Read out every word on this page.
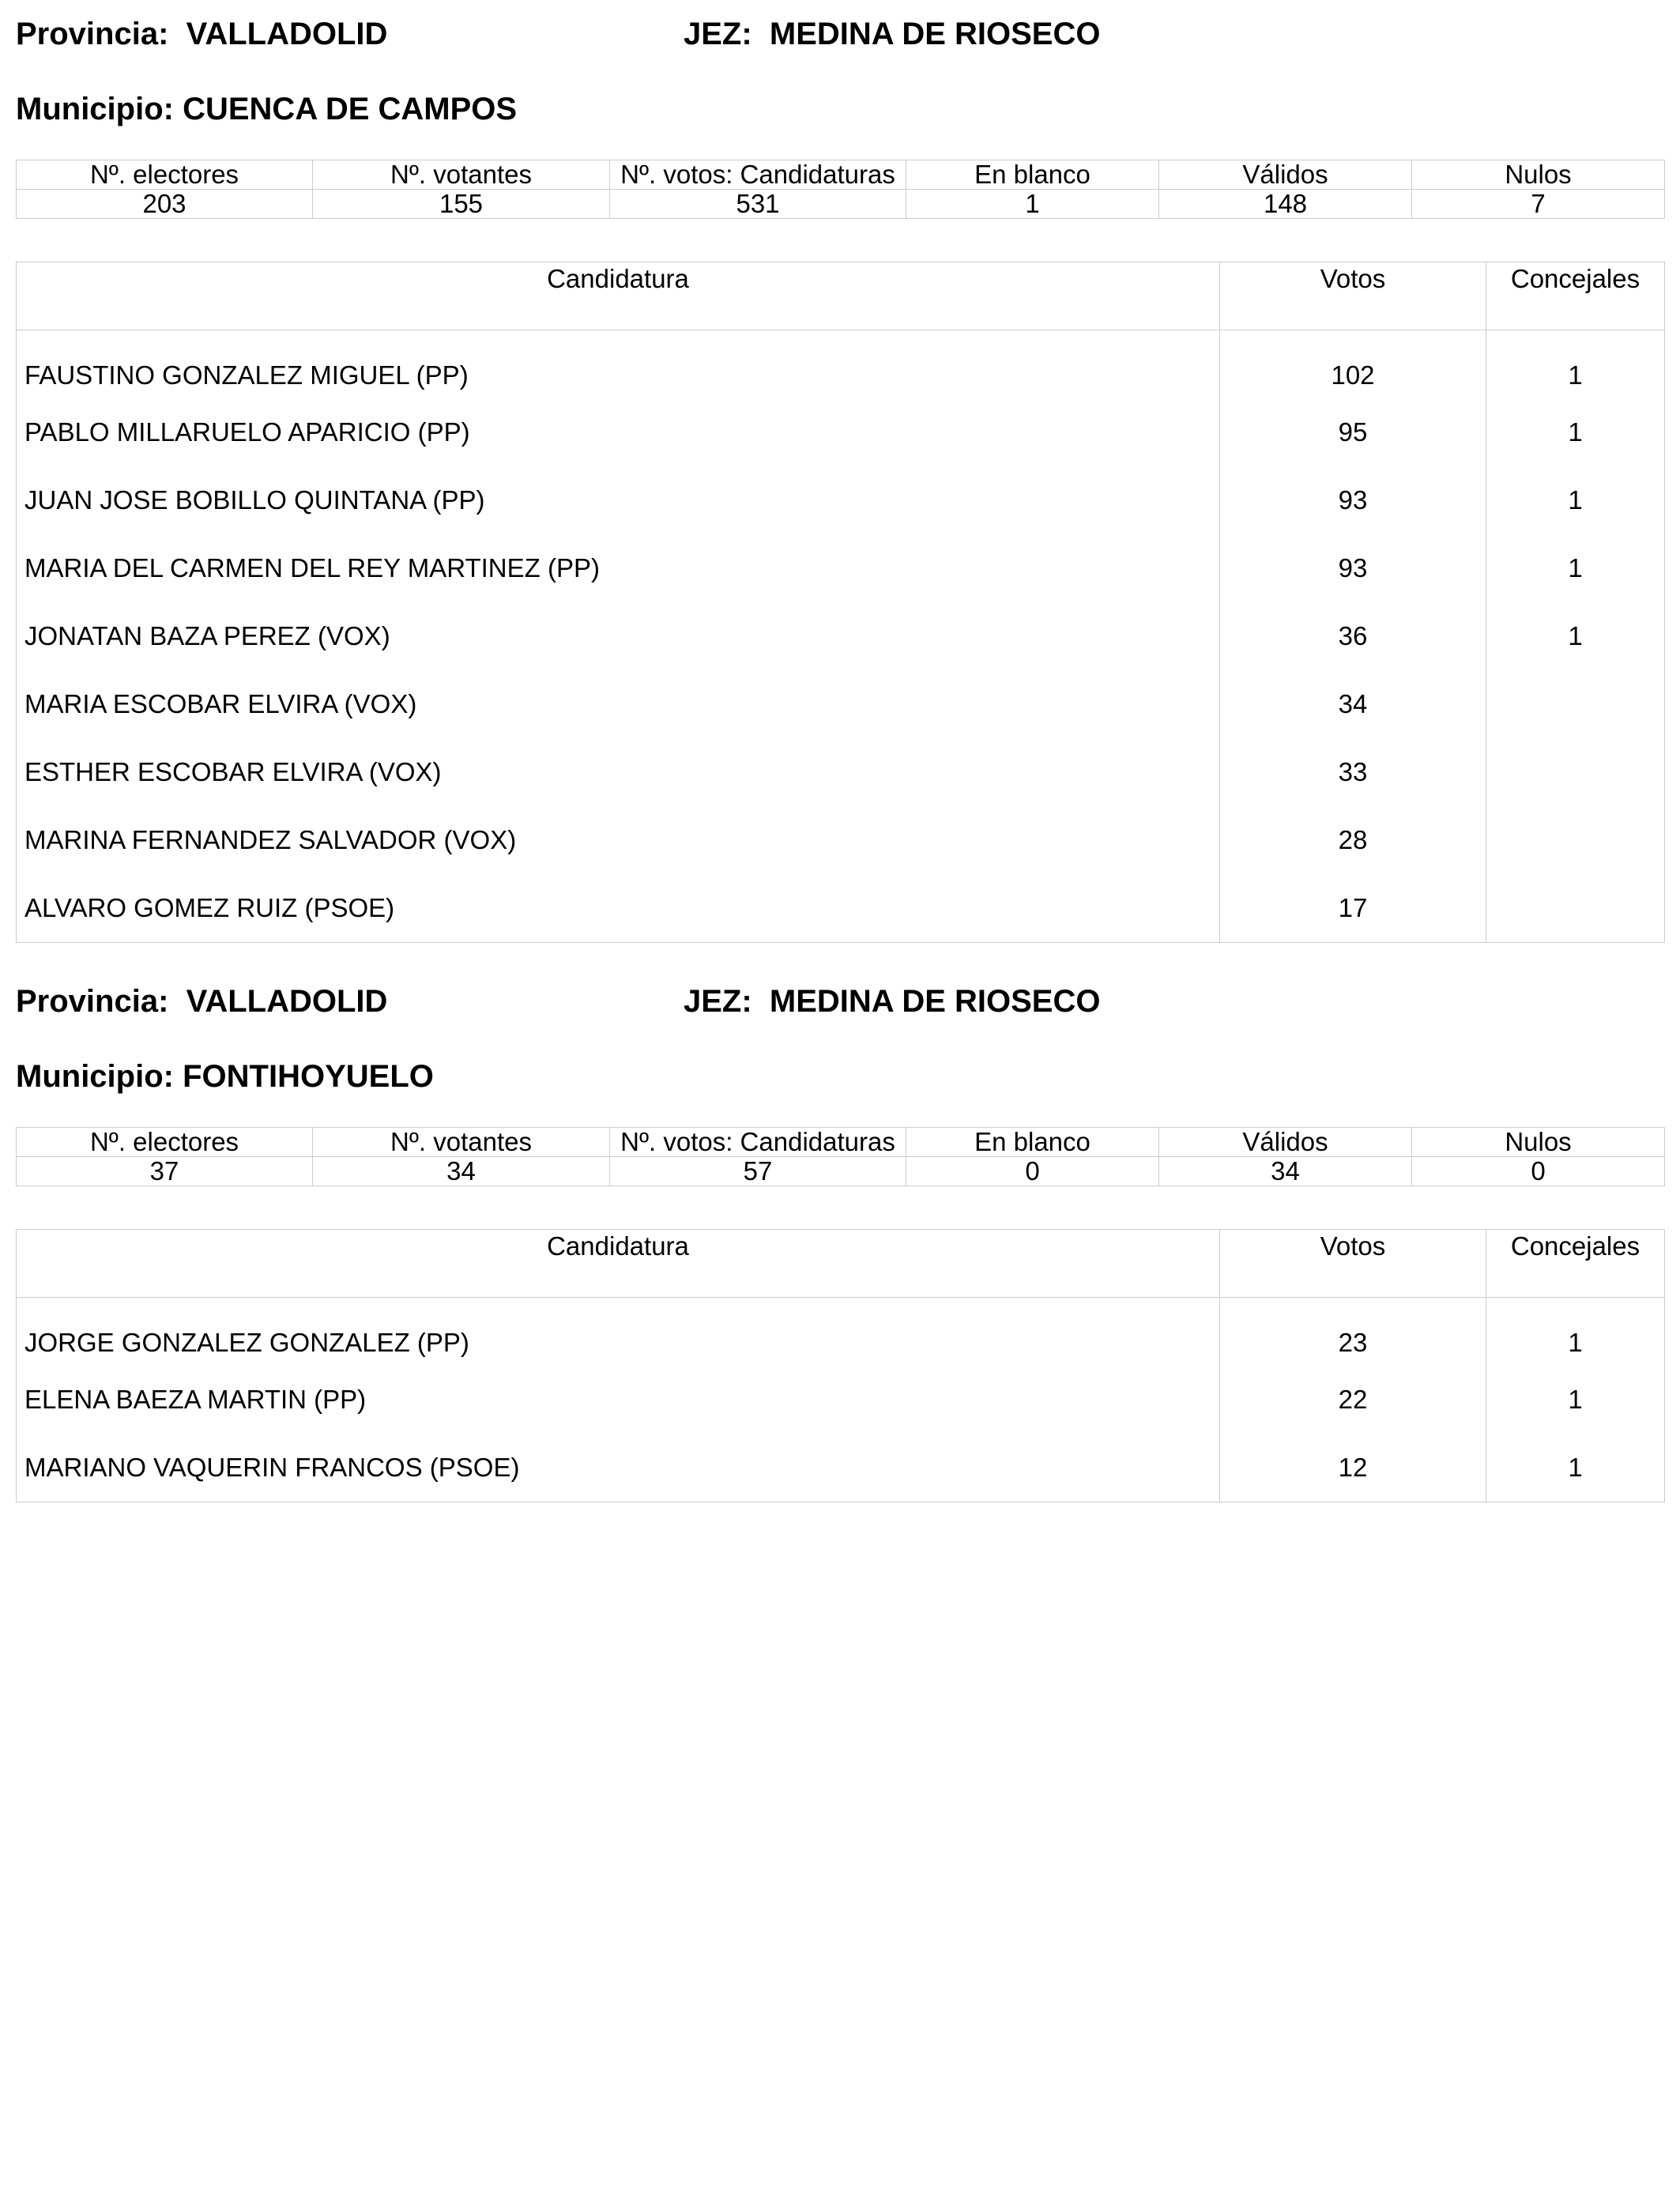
Provincia: VALLADOLID	JEZ: MEDINA DE RIOSECO
Municipio: CUENCA DE CAMPOS
Nº. electores	Nº. votantes	Nº. votos: Candidaturas	En blanco	Válidos	Nulos
203	155	531	1	148	7
Candidatura	Votos	Concejales
FAUSTINO GONZALEZ MIGUEL (PP)	102	1
PABLO MILLARUELO APARICIO (PP)	95	1
JUAN JOSE BOBILLO QUINTANA (PP)	93	1
MARIA DEL CARMEN DEL REY MARTINEZ (PP)	93	1
JONATAN BAZA PEREZ (VOX)	36	1
MARIA ESCOBAR ELVIRA (VOX)	34	
ESTHER ESCOBAR ELVIRA (VOX)	33	
MARINA FERNANDEZ SALVADOR (VOX)	28	
ALVARO GOMEZ RUIZ (PSOE)	17	
Provincia: VALLADOLID	JEZ: MEDINA DE RIOSECO
Municipio: FONTIHOYUELO
Nº. electores	Nº. votantes	Nº. votos: Candidaturas	En blanco	Válidos	Nulos
37	34	57	0	34	0
Candidatura	Votos	Concejales
JORGE GONZALEZ GONZALEZ (PP)	23	1
ELENA BAEZA MARTIN (PP)	22	1
MARIANO VAQUERIN FRANCOS (PSOE)	12	1
